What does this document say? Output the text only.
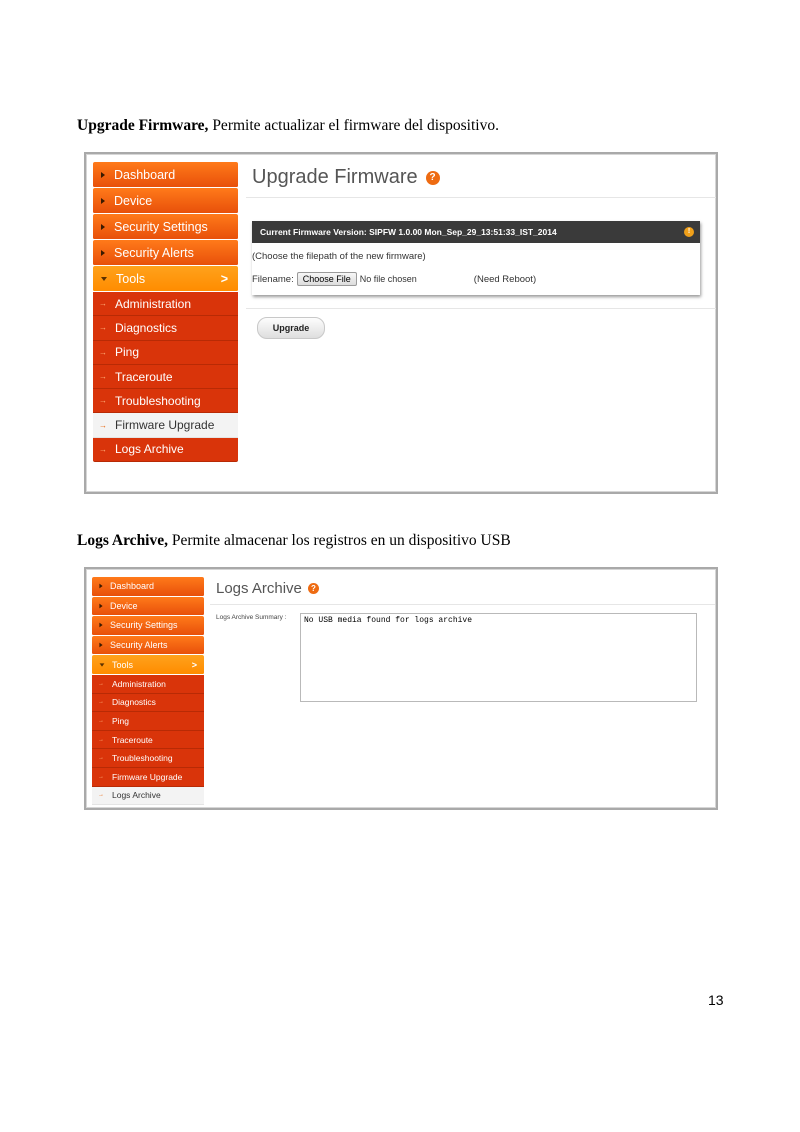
Upgrade Firmware, Permite actualizar el firmware del dispositivo.
Dashboard
Device
Security Settings
Security Alerts
Tools	>
→ Administration
→ Diagnostics
→ Ping
→ Traceroute
→ Troubleshooting
→ Firmware Upgrade
→ Logs Archive
Upgrade Firmware	?
Current Firmware Version: SIPFW 1.0.00 Mon_Sep_29_13:51:33_IST_2014	!
(Choose the filepath of the new firmware)
Filename:	Choose File	No file chosen	(Need Reboot)
Upgrade
Logs Archive, Permite almacenar los registros en un dispositivo USB
Dashboard
Device
Security Settings
Security Alerts
Tools	>
→ Administration
→ Diagnostics
→ Ping
→ Traceroute
→ Troubleshooting
→ Firmware Upgrade
→ Logs Archive
Logs Archive	?
Logs Archive Summary :	No USB media found for logs archive
13
